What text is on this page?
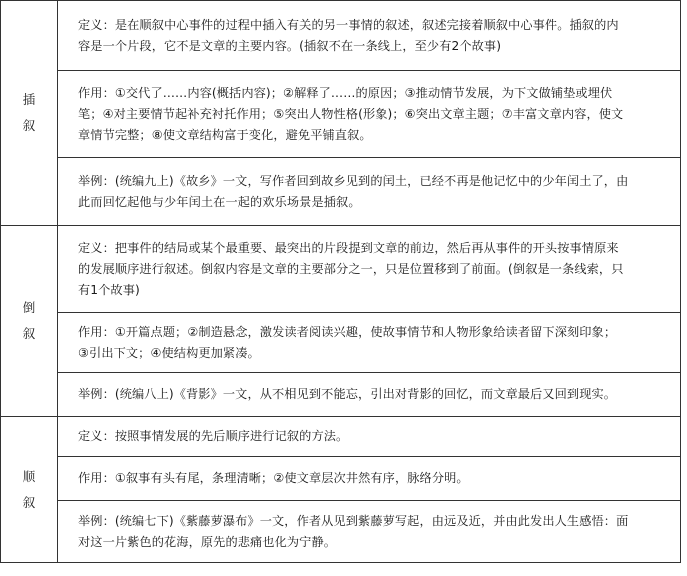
插叙	定义：是在顺叙中心事件的过程中插入有关的另一事情的叙述，叙述完接着顺叙中心事件。插叙的内
容是一个片段，它不是文章的主要内容。(插叙不在一条线上，至少有2个故事)

	作用：①交代了……内容(概括内容)；②解释了……的原因；③推动情节发展，为下文做铺垫或埋伏
笔；④对主要情节起补充衬托作用；⑤突出人物性格(形象)；⑥突出文章主题；⑦丰富文章内容，使文
章情节完整；⑧使文章结构富于变化，避免平铺直叙。

	举例：(统编九上)《故乡》一文，写作者回到故乡见到的闰土，已经不再是他记忆中的少年闰土了，由
此而回忆起他与少年闰土在一起的欢乐场景是插叙。

倒叙	定义：把事件的结局或某个最重要、最突出的片段提到文章的前边，然后再从事件的开头按事情原来
的发展顺序进行叙述。倒叙内容是文章的主要部分之一，只是位置移到了前面。(倒叙是一条线索，只
有1个故事)

	作用：①开篇点题；②制造悬念，激发读者阅读兴趣，使故事情节和人物形象给读者留下深刻印象；
③引出下文；④使结构更加紧凑。

	举例：(统编八上)《背影》一文，从不相见到不能忘，引出对背影的回忆，而文章最后又回到现实。

顺叙	定义：按照事情发展的先后顺序进行记叙的方法。

	作用：①叙事有头有尾，条理清晰；②使文章层次井然有序，脉络分明。

	举例：(统编七下)《紫藤萝瀑布》一文，作者从见到紫藤萝写起，由远及近，并由此发出人生感悟：面
对这一片紫色的花海，原先的悲痛也化为宁静。
